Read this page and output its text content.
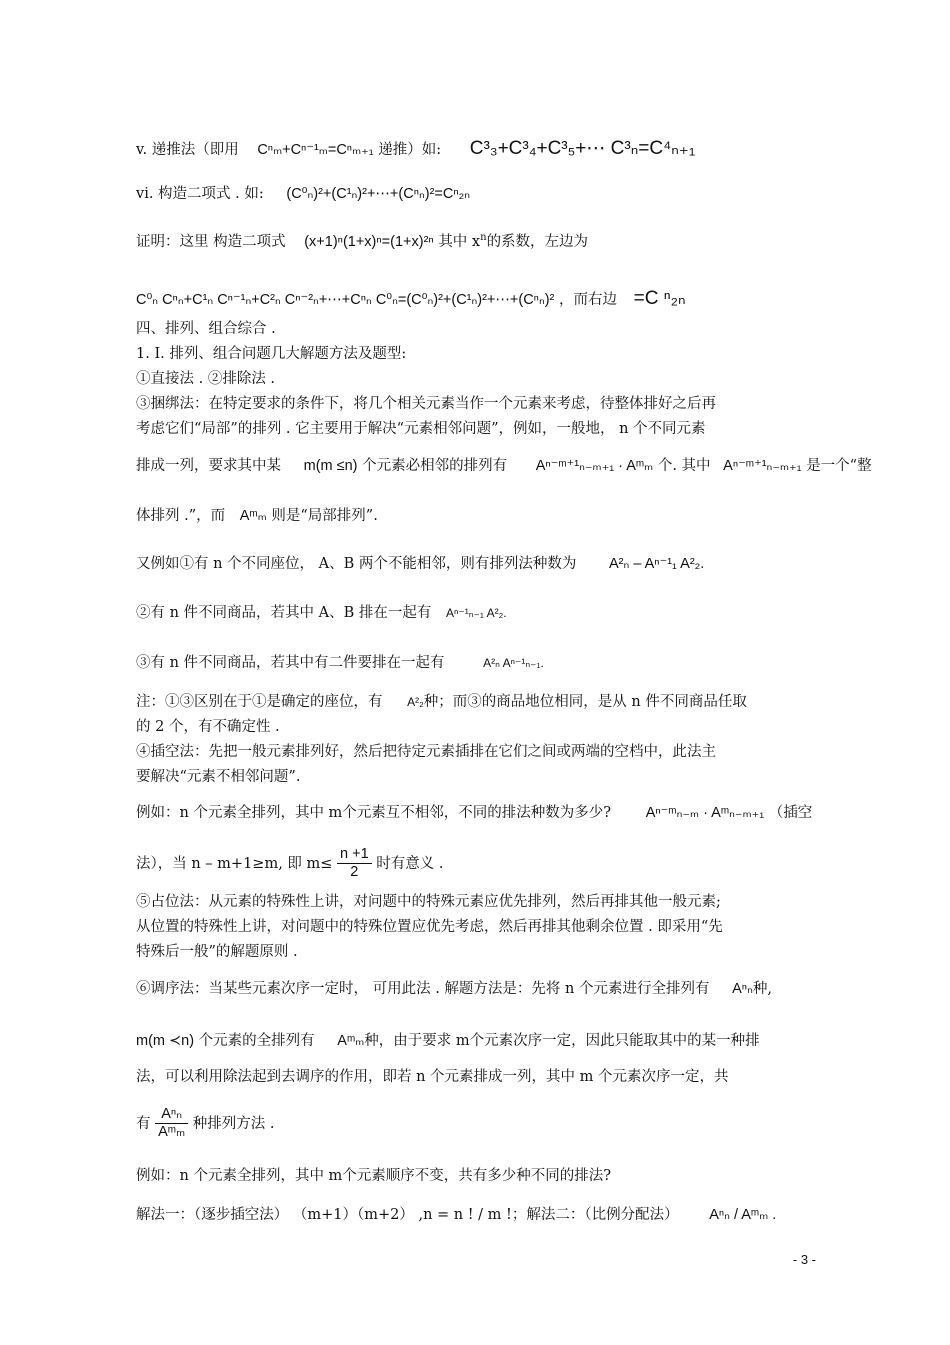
v. 递推法（即用 Cⁿₘ+Cⁿ⁻¹ₘ=Cⁿₘ₊₁ 递推）如: C³₃+C³₄+C³₅+⋯ C³ₙ=C⁴ₙ₊₁
vi. 构造二项式 . 如: (C⁰ₙ)²+(C¹ₙ)²+⋯+(Cⁿₙ)²=Cⁿ₂ₙ
证明：这里 构造二项式 (x+1)ⁿ(1+x)ⁿ=(1+x)²ⁿ 其中 $x^n$的系数，左边为
C⁰ₙ Cⁿₙ+C¹ₙ Cⁿ⁻¹ₙ+C²ₙ Cⁿ⁻²ₙ+⋯+Cⁿₙ C⁰ₙ=(C⁰ₙ)²+(C¹ₙ)²+⋯+(Cⁿₙ)² ，而右边 =C ⁿ₂ₙ
四、排列、组合综合 .
1. I. 排列、组合问题几大解题方法及题型:
①直接法 . ②排除法 .
③捆绑法：在特定要求的条件下，将几个相关元素当作一个元素来考虑，待整体排好之后再
考虑它们“局部”的排列 . 它主要用于解决“元素相邻问题”，例如，一般地， n 个不同元素
排成一列，要求其中某 m(m ≤n) 个元素必相邻的排列有 Aⁿ⁻ᵐ⁺¹ₙ₋ₘ₊₁ · Aᵐₘ 个. 其中 Aⁿ⁻ᵐ⁺¹ₙ₋ₘ₊₁ 是一个“整
体排列 .”，而 Aᵐₘ 则是“局部排列”.
又例如①有 n 个不同座位， A、B 两个不能相邻，则有排列法种数为 A²ₙ – Aⁿ⁻¹₁ A²₂.
②有 n 件不同商品，若其中 A、B 排在一起有 Aⁿ⁻¹ₙ₋₁ A²₂.
③有 n 件不同商品，若其中有二件要排在一起有	A²ₙ Aⁿ⁻¹ₙ₋₁.
注：①③区别在于①是确定的座位，有 A²₂种；而③的商品地位相同，是从 n 件不同商品任取
的 2 个，有不确定性 .
④插空法：先把一般元素排列好，然后把待定元素插排在它们之间或两端的空档中，此法主
要解决“元素不相邻问题”.
例如：n 个元素全排列，其中 m个元素互不相邻，不同的排法种数为多少? Aⁿ⁻ᵐₙ₋ₘ · Aᵐₙ₋ₘ₊₁ （插空
法），当 n – m+1≥m, 即 $m\le \frac{n +1}{2}$ 时有意义 .
⑤占位法：从元素的特殊性上讲，对问题中的特殊元素应优先排列，然后再排其他一般元素;
从位置的特殊性上讲，对问题中的特殊位置应优先考虑，然后再排其他剩余位置 . 即采用“先
特殊后一般”的解题原则 .
⑥调序法：当某些元素次序一定时， 可用此法 . 解题方法是：先将 n 个元素进行全排列有 Aⁿₙ种,
m(m ≺n) 个元素的全排列有 Aᵐₘ种，由于要求 m个元素次序一定，因此只能取其中的某一种排
法，可以利用除法起到去调序的作用，即若 n 个元素排成一列，其中 m 个元素次序一定，共
有 $\frac{\text{Aⁿₙ}}{\text{Aᵐₘ}}$ 种排列方法 .
例如：n 个元素全排列，其中 m个元素顺序不变，共有多少种不同的排法?
解法一：（逐步插空法） （m+1）（m+2） ,n = n ! / m !；解法二：（比例分配法） Aⁿₙ / Aᵐₘ .
- 3 -
